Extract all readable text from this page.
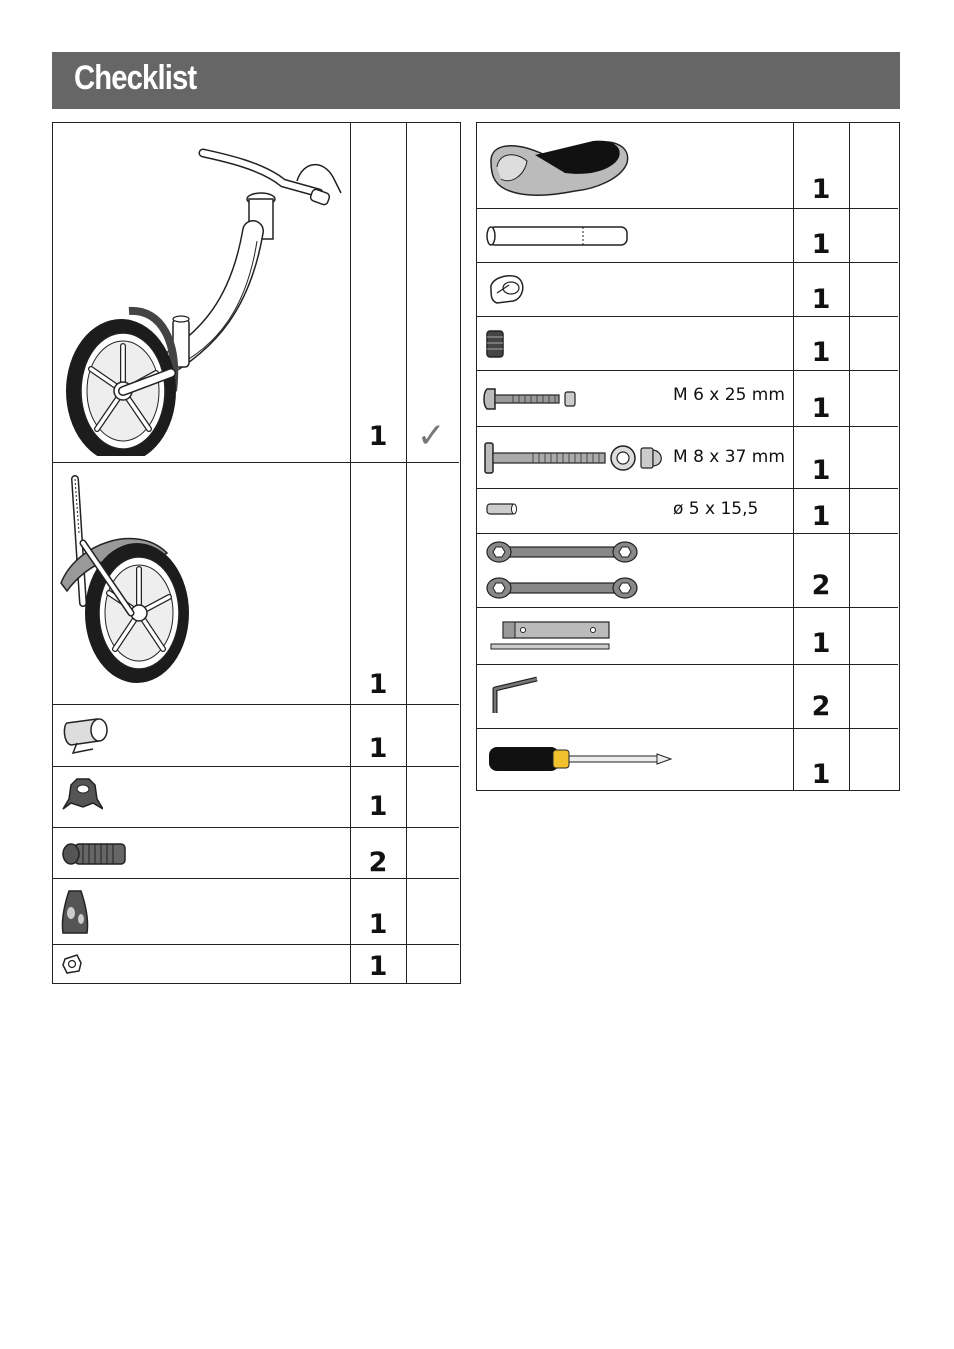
Checklist
1 ✓
1
1
1
2
1
1
1
1
1
1
M 6 x 25 mm 1
M 8 x 37 mm 1
ø 5 x 15,5	1
2
1
2
1
